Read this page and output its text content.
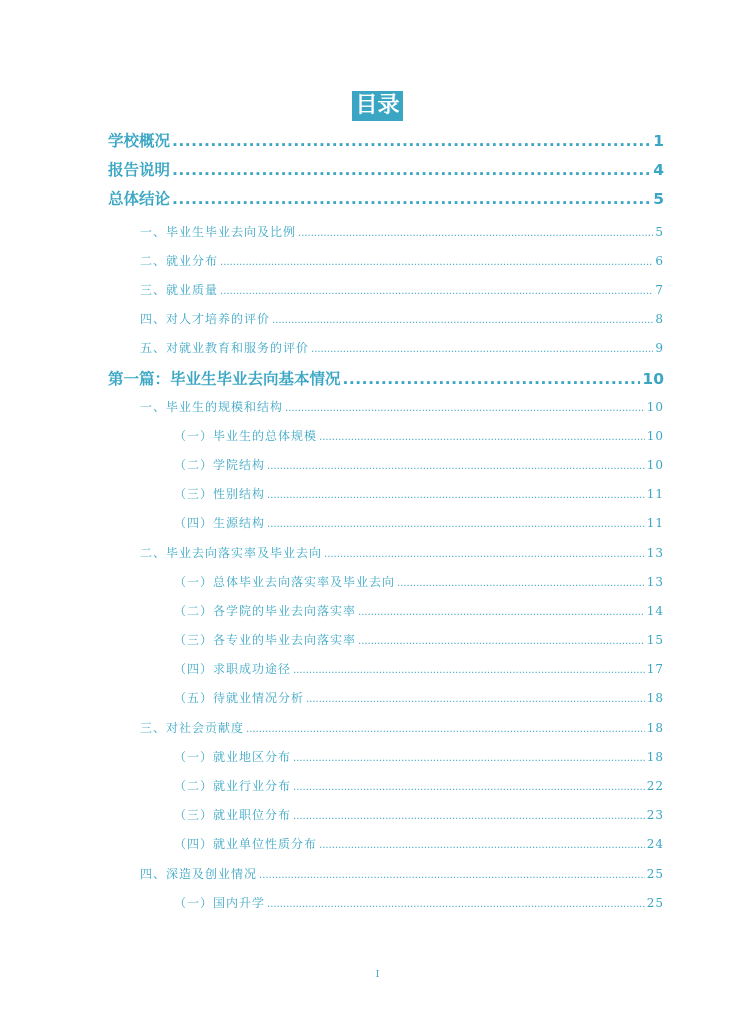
目录
学校概况 .....	1
报告说明 .....	4
总体结论 .....	5
一、毕业生毕业去向及比例 .....	5
二、就业分布 .....	6
三、就业质量 .....	7
四、对人才培养的评价 .....	8
五、对就业教育和服务的评价 .....	9
第一篇：毕业生毕业去向基本情况 .....	10
一、毕业生的规模和结构 .....	10
（一）毕业生的总体规模 .....	10
（二）学院结构 .....	10
（三）性别结构 .....	11
（四）生源结构 .....	11
二、毕业去向落实率及毕业去向 .....	13
（一）总体毕业去向落实率及毕业去向 .....	13
（二）各学院的毕业去向落实率 .....	14
（三）各专业的毕业去向落实率 .....	15
（四）求职成功途径 .....	17
（五）待就业情况分析 .....	18
三、对社会贡献度 .....	18
（一）就业地区分布 .....	18
（二）就业行业分布 .....	22
（三）就业职位分布 .....	23
（四）就业单位性质分布 .....	24
四、深造及创业情况 .....	25
（一）国内升学 .....	25
I
